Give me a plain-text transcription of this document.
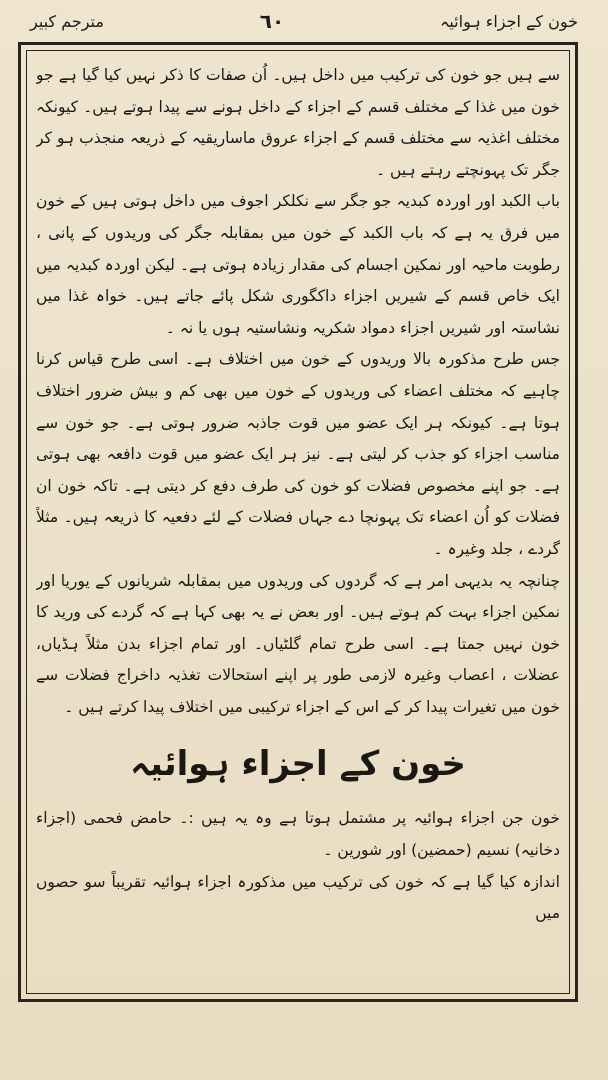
خون کے اجزاء ہوائیہ
٦٠
مترجم کبیر

سے ہیں جو خون کی ترکیب میں داخل ہیں۔ اُن صفات کا ذکر نہیں کیا گیا ہے جو خون میں غذا کے مختلف قسم کے اجزاء کے داخل ہونے سے پیدا ہوتے ہیں۔ کیونکہ مختلف اغذیہ سے مختلف قسم کے اجزاء عروق ماساریقیہ کے ذریعہ منجذب ہو کر جگر تک پہونچتے رہتے ہیں ۔

باب الکبد اور اوردہ کبدیہ جو جگر سے نکلکر اجوف میں داخل ہوتی ہیں کے خون میں فرق یہ ہے کہ باب الکبد کے خون میں بمقابلہ جگر کی وریدوں کے پانی ، رطوبت ماحیہ اور نمکین اجسام کی مقدار زیادہ ہوتی ہے۔ لیکن اوردہ کبدیہ میں ایک خاص قسم کے شیریں اجزاء داکگوری شکل پائے جاتے ہیں۔ خواہ غذا میں نشاستہ اور شیریں اجزاء دمواد شکریہ ونشاستیہ ہوں یا نہ ۔

جس طرح مذکورہ بالا وریدوں کے خون میں اختلاف ہے۔ اسی طرح قیاس کرنا چاہیے کہ مختلف اعضاء کی وریدوں کے خون میں بھی کم و بیش ضرور اختلاف ہوتا ہے۔ کیونکہ ہر ایک عضو میں قوت جاذبہ ضرور ہوتی ہے۔ جو خون سے مناسب اجزاء کو جذب کر لیتی ہے۔ نیز ہر ایک عضو میں قوت دافعہ بھی ہوتی ہے۔ جو اپنے مخصوص فضلات کو خون کی طرف دفع کر دیتی ہے۔ تاکہ خون ان فضلات کو اُن اعضاء تک پہونچا دے جہاں فضلات کے لئے دفعیہ کا ذریعہ ہیں۔ مثلاً گردے ، جلد وغیرہ ۔

چنانچہ یہ بدیہی امر ہے کہ گردوں کی وریدوں میں بمقابلہ شریانوں کے یوریا اور نمکین اجزاء بہت کم ہوتے ہیں۔ اور بعض نے یہ بھی کہا ہے کہ گردے کی ورید کا خون نہیں جمتا ہے۔ اسی طرح تمام گلٹیاں۔ اور تمام اجزاء بدن مثلاً ہڈیاں، عضلات ، اعصاب وغیرہ لازمی طور پر اپنے استحالات تغذیہ داخراج فضلات سے خون میں تغیرات پیدا کر کے اس کے اجزاء ترکیبی میں اختلاف پیدا کرتے ہیں ۔

خون کے اجزاء ہوائیہ

خون جن اجزاء ہوائیہ پر مشتمل ہوتا ہے وہ یہ ہیں :۔ حامض فحمی (اجزاء دخانیہ) نسیم (حمضین) اور شورین ۔

اندازہ کیا گیا ہے کہ خون کی ترکیب میں مذکورہ اجزاء ہوائیہ تقریباً سو حصوں میں
